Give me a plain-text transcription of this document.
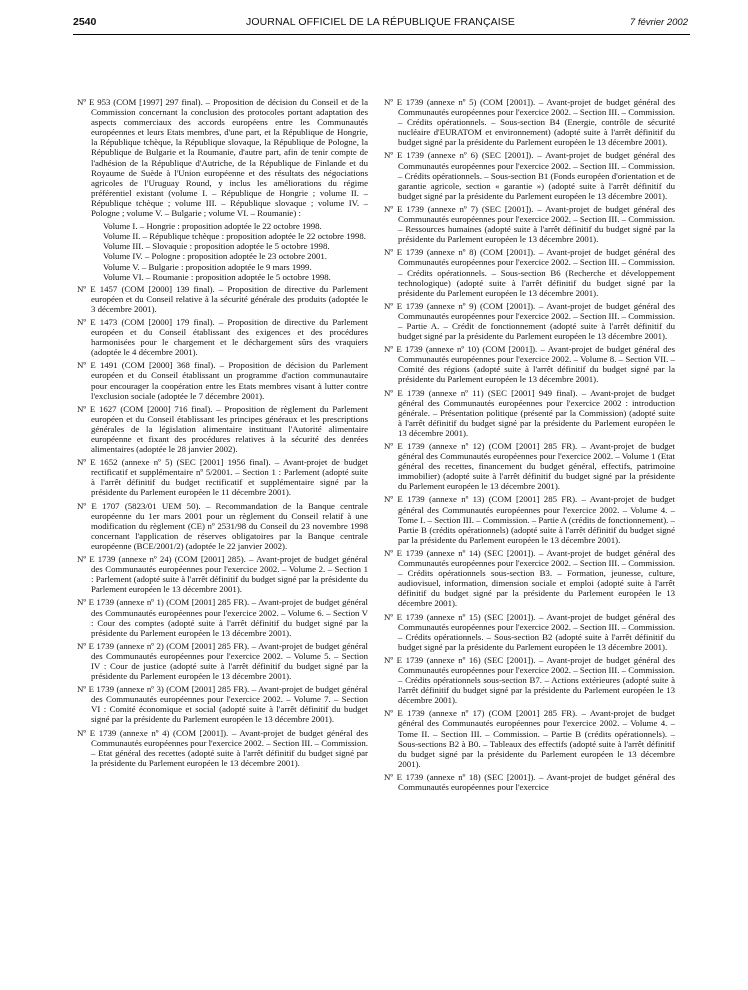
2540	JOURNAL OFFICIEL DE LA RÉPUBLIQUE FRANÇAISE	7 février 2002

Nº E 953 (COM [1997] 297 final). – Proposition de décision du Conseil et de la Commission concernant la conclusion des protocoles portant adaptation des aspects commerciaux des accords européens entre les Communautés européennes et leurs Etats membres, d'une part, et la République de Hongrie, la République tchèque, la République slovaque, la République de Pologne, la République de Bulgarie et la Roumanie, d'autre part, afin de tenir compte de l'adhésion de la République d'Autriche, de la République de Finlande et du Royaume de Suède à l'Union européenne et des résultats des négociations agricoles de l'Uruguay Round, y inclus les améliorations du régime préférentiel existant (volume I. – République de Hongrie ; volume II. – République tchèque ; volume III. – République slovaque ; volume IV. – Pologne ; volume V. – Bulgarie ; volume VI. – Roumanie) :

Volume I. – Hongrie : proposition adoptée le 22 octobre 1998.
Volume II. – République tchèque : proposition adoptée le 22 octobre 1998.
Volume III. – Slovaquie : proposition adoptée le 5 octobre 1998.
Volume IV. – Pologne : proposition adoptée le 23 octobre 2001.
Volume V. – Bulgarie : proposition adoptée le 9 mars 1999.
Volume VI. – Roumanie : proposition adoptée le 5 octobre 1998.

Nº E 1457 (COM [2000] 139 final). – Proposition de directive du Parlement européen et du Conseil relative à la sécurité générale des produits (adoptée le 3 décembre 2001).

Nº E 1473 (COM [2000] 179 final). – Proposition de directive du Parlement européen et du Conseil établissant des exigences et des procédures harmonisées pour le chargement et le déchargement sûrs des vraquiers (adoptée le 4 décembre 2001).

Nº E 1491 (COM [2000] 368 final). – Proposition de décision du Parlement européen et du Conseil établissant un programme d'action communautaire pour encourager la coopération entre les Etats membres visant à lutter contre l'exclusion sociale (adoptée le 7 décembre 2001).

Nº E 1627 (COM [2000] 716 final). – Proposition de règlement du Parlement européen et du Conseil établissant les principes généraux et les prescriptions générales de la législation alimentaire instituant l'Autorité alimentaire européenne et fixant des procédures relatives à la sécurité des denrées alimentaires (adoptée le 28 janvier 2002).

Nº E 1652 (annexe nº 5) (SEC [2001] 1956 final). – Avant-projet de budget rectificatif et supplémentaire nº 5/2001. – Section 1 : Parlement (adopté suite à l'arrêt définitif du budget rectificatif et supplémentaire signé par la présidente du Parlement européen le 11 décembre 2001).

Nº E 1707 (5823/01 UEM 50). – Recommandation de la Banque centrale européenne du 1er mars 2001 pour un règlement du Conseil relatif à une modification du règlement (CE) nº 2531/98 du Conseil du 23 novembre 1998 concernant l'application de réserves obligatoires par la Banque centrale européenne (BCE/2001/2) (adoptée le 22 janvier 2002).

Nº E 1739 (annexe nº 24) (COM [2001] 285). – Avant-projet de budget général des Communautés européennes pour l'exercice 2002. – Volume 2. – Section 1 : Parlement (adopté suite à l'arrêt définitif du budget signé par la présidente du Parlement européen le 13 décembre 2001).

Nº E 1739 (annexe nº 1) (COM [2001] 285 FR). – Avant-projet de budget général des Communautés européennes pour l'exercice 2002. – Volume 6. – Section V : Cour des comptes (adopté suite à l'arrêt définitif du budget signé par la présidente du Parlement européen le 13 décembre 2001).

Nº E 1739 (annexe nº 2) (COM [2001] 285 FR). – Avant-projet de budget général des Communautés européennes pour l'exercice 2002. – Volume 5. – Section IV : Cour de justice (adopté suite à l'arrêt définitif du budget signé par la présidente du Parlement européen le 13 décembre 2001).

Nº E 1739 (annexe nº 3) (COM [2001] 285 FR). – Avant-projet de budget général des Communautés européennes pour l'exercice 2002. – Volume 7. – Section VI : Comité économique et social (adopté suite à l'arrêt définitif du budget signé par la présidente du Parlement européen le 13 décembre 2001).

Nº E 1739 (annexe nº 4) (COM [2001]). – Avant-projet de budget général des Communautés européennes pour l'exercice 2002. – Section III. – Commission. – Etat général des recettes (adopté suite à l'arrêt définitif du budget signé par la présidente du Parlement européen le 13 décembre 2001).

Nº E 1739 (annexe nº 5) (COM [2001]). – Avant-projet de budget général des Communautés européennes pour l'exercice 2002. – Section III. – Commission. – Crédits opérationnels. – Sous-section B4 (Energie, contrôle de sécurité nucléaire d'EURATOM et environnement) (adopté suite à l'arrêt définitif du budget signé par la présidente du Parlement européen le 13 décembre 2001).

Nº E 1739 (annexe nº 6) (SEC [2001]). – Avant-projet de budget général des Communautés européennes pour l'exercice 2002. – Section III. – Commission. – Crédits opérationnels. – Sous-section B1 (Fonds européen d'orientation et de garantie agricole, section « garantie ») (adopté suite à l'arrêt définitif du budget signé par la présidente du Parlement européen le 13 décembre 2001).

Nº E 1739 (annexe nº 7) (SEC [2001]). – Avant-projet de budget général des Communautés européennes pour l'exercice 2002. – Section III. – Commission. – Ressources humaines (adopté suite à l'arrêt définitif du budget signé par la présidente du Parlement européen le 13 décembre 2001).

Nº E 1739 (annexe nº 8) (COM [2001]). – Avant-projet de budget général des Communautés européennes pour l'exercice 2002. – Section III. – Commission. – Crédits opérationnels. – Sous-section B6 (Recherche et développement technologique) (adopté suite à l'arrêt définitif du budget signé par la présidente du Parlement européen le 13 décembre 2001).

Nº E 1739 (annexe nº 9) (COM [2001]). – Avant-projet de budget général des Communautés européennes pour l'exercice 2002. – Section III. – Commission. – Partie A. – Crédit de fonctionnement (adopté suite à l'arrêt définitif du budget signé par la présidente du Parlement européen le 13 décembre 2001).

Nº E 1739 (annexe nº 10) (COM [2001]). – Avant-projet de budget général des Communautés européennes pour l'exercice 2002. – Volume 8. – Section VII. – Comité des régions (adopté suite à l'arrêt définitif du budget signé par la présidente du Parlement européen le 13 décembre 2001).

Nº E 1739 (annexe nº 11) (SEC [2001] 949 final). – Avant-projet de budget général des Communautés européennes pour l'exercice 2002 : introduction générale. – Présentation politique (présenté par la Commission) (adopté suite à l'arrêt définitif du budget signé par la présidente du Parlement européen le 13 décembre 2001).

Nº E 1739 (annexe nº 12) (COM [2001] 285 FR). – Avant-projet de budget général des Communautés européennes pour l'exercice 2002. – Volume 1 (Etat général des recettes, financement du budget général, effectifs, patrimoine immobilier) (adopté suite à l'arrêt définitif du budget signé par la présidente du Parlement européen le 13 décembre 2001).

Nº E 1739 (annexe nº 13) (COM [2001] 285 FR). – Avant-projet de budget général des Communautés européennes pour l'exercice 2002. – Volume 4. – Tome I. – Section III. – Commission. – Partie A (crédits de fonctionnement). – Partie B (crédits opérationnels) (adopté suite à l'arrêt définitif du budget signé par la présidente du Parlement européen le 13 décembre 2001).

Nº E 1739 (annexe nº 14) (SEC [2001]). – Avant-projet de budget général des Communautés européennes pour l'exercice 2002. – Section III. – Commission. – Crédits opérationnels sous-section B3. – Formation, jeunesse, culture, audiovisuel, information, dimension sociale et emploi (adopté suite à l'arrêt définitif du budget signé par la présidente du Parlement européen le 13 décembre 2001).

Nº E 1739 (annexe nº 15) (SEC [2001]). – Avant-projet de budget général des Communautés européennes pour l'exercice 2002. – Section III. – Commission. – Crédits opérationnels. – Sous-section B2 (adopté suite à l'arrêt définitif du budget signé par la présidente du Parlement européen le 13 décembre 2001).

Nº E 1739 (annexe nº 16) (SEC [2001]). – Avant-projet de budget général des Communautés européennes pour l'exercice 2002. – Section III. – Commission. – Crédits opérationnels sous-section B7. – Actions extérieures (adopté suite à l'arrêt définitif du budget signé par la présidente du Parlement européen le 13 décembre 2001).

Nº E 1739 (annexe nº 17) (COM [2001] 285 FR). – Avant-projet de budget général des Communautés européennes pour l'exercice 2002. – Volume 4. – Tome II. – Section III. – Commission. – Partie B (crédits opérationnels). – Sous-sections B2 à B0. – Tableaux des effectifs (adopté suite à l'arrêt définitif du budget signé par la présidente du Parlement européen le 13 décembre 2001).

Nº E 1739 (annexe nº 18) (SEC [2001]). – Avant-projet de budget général des Communautés européennes pour l'exercice
